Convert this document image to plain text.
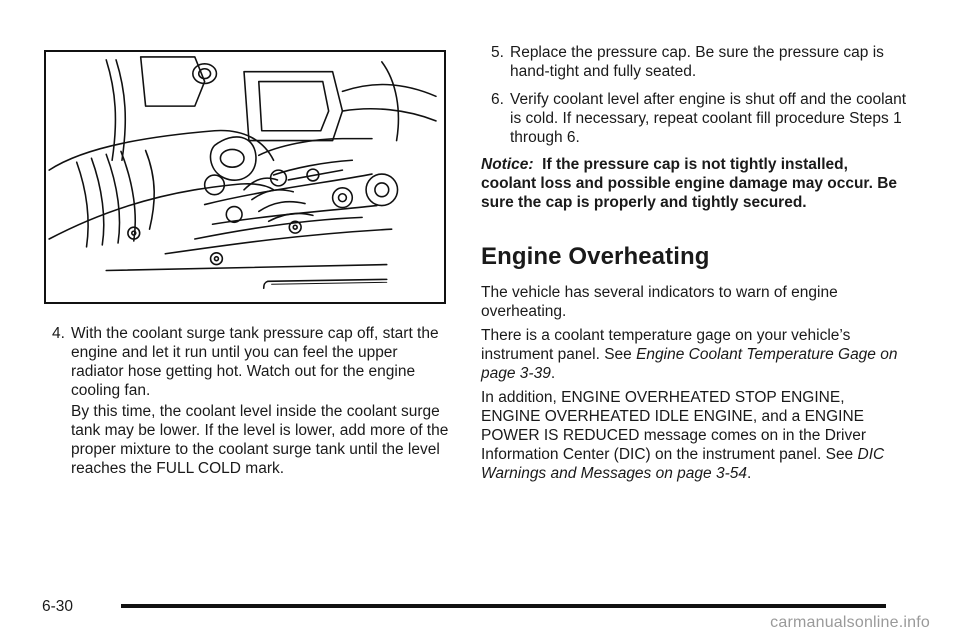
4. With the coolant surge tank pressure cap off, start the engine and let it run until you can feel the upper radiator hose getting hot. Watch out for the engine cooling fan.

By this time, the coolant level inside the coolant surge tank may be lower. If the level is lower, add more of the proper mixture to the coolant surge tank until the level reaches the FULL COLD mark.

5. Replace the pressure cap. Be sure the pressure cap is hand-tight and fully seated.
6. Verify coolant level after engine is shut off and the coolant is cold. If necessary, repeat coolant fill procedure Steps 1 through 6.

Notice: If the pressure cap is not tightly installed, coolant loss and possible engine damage may occur. Be sure the cap is properly and tightly secured.

Engine Overheating

The vehicle has several indicators to warn of engine overheating.

There is a coolant temperature gage on your vehicle’s instrument panel. See Engine Coolant Temperature Gage on page 3-39.

In addition, ENGINE OVERHEATED STOP ENGINE, ENGINE OVERHEATED IDLE ENGINE, and a ENGINE POWER IS REDUCED message comes on in the Driver Information Center (DIC) on the instrument panel. See DIC Warnings and Messages on page 3-54.

6-30
carmanualsonline.info
